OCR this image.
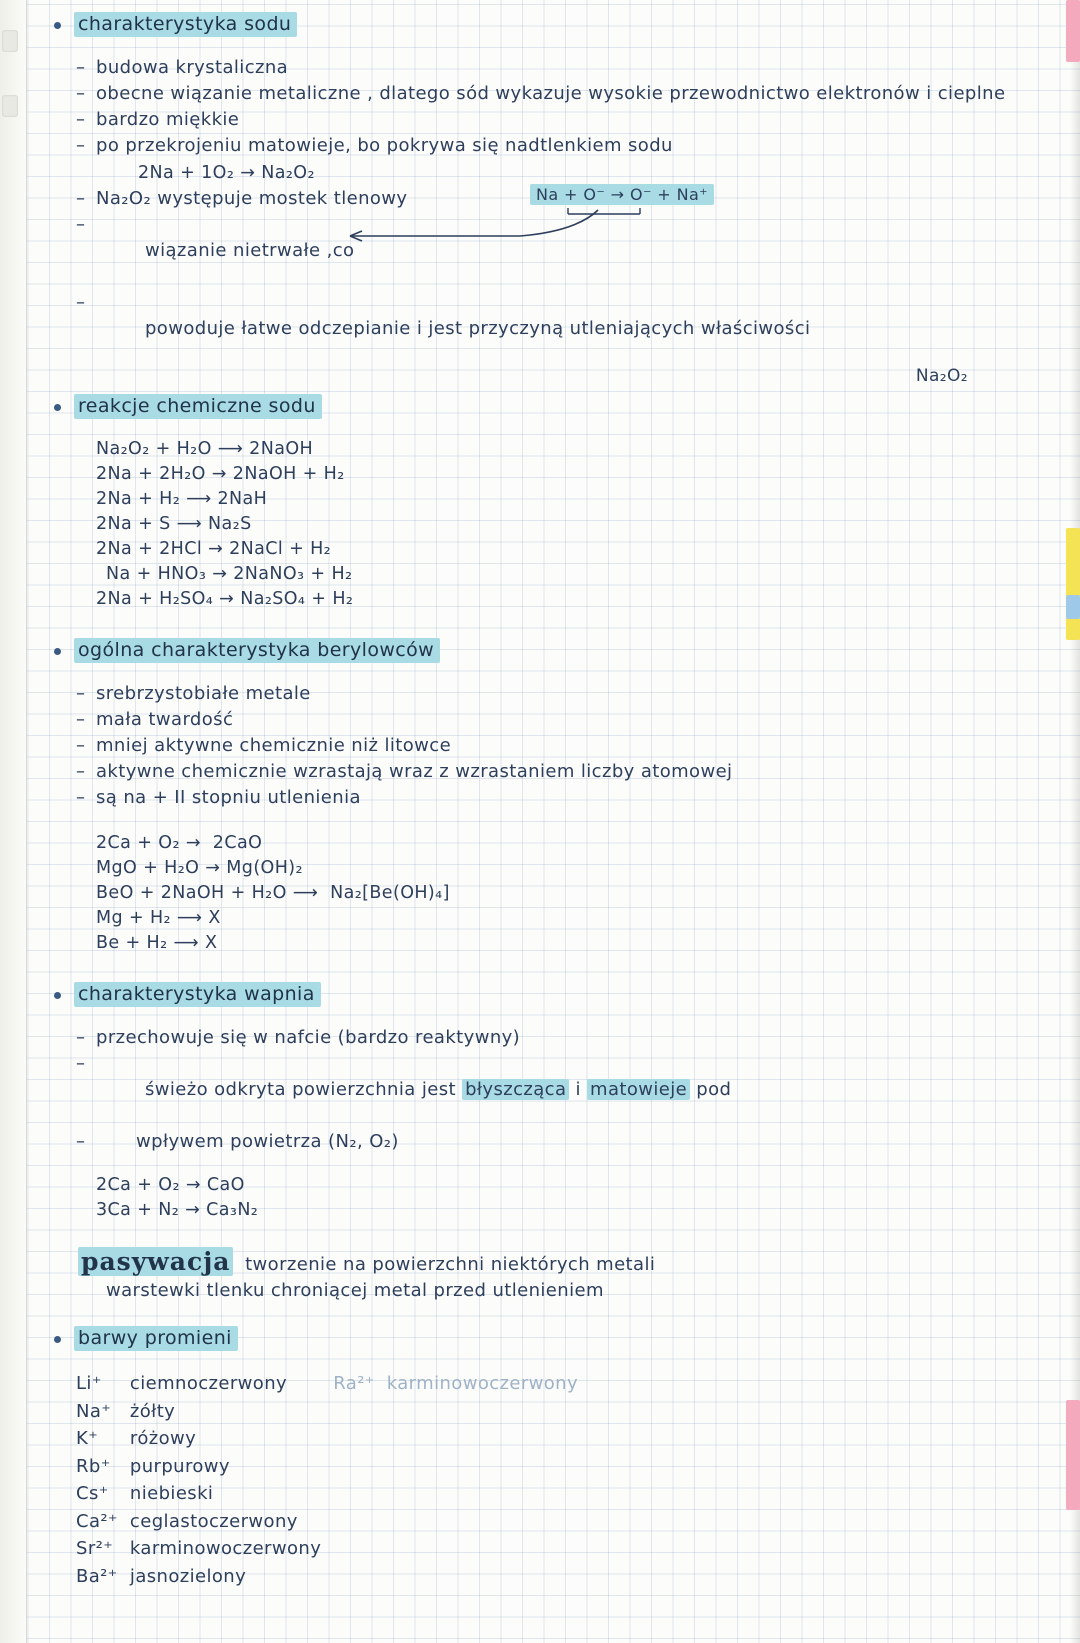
charakterystyka sodu
– budowa krystaliczna
– obecne wiązanie metaliczne , dlatego sód wykazuje wysokie przewodnictwo elektronów i cieplne
– bardzo miękkie
– po przekrojeniu matowieje, bo pokrywa się nadtlenkiem sodu
2Na + 1O₂ → Na₂O₂
– Na₂O₂ występuje mostek tlenowy

– wiązanie nietrwałe ,co

– powoduje łatwe odczepianie i jest przyczyną utleniających właściwości

Na + O⁻ → O⁻ + Na⁺
Na₂O₂
reakcje chemiczne sodu
Na₂O₂ + H₂O ⟶ 2NaOH
2Na + 2H₂O → 2NaOH + H₂
2Na + H₂ ⟶ 2NaH
2Na + S ⟶ Na₂S
2Na + 2HCl → 2NaCl + H₂
Na + HNO₃ → 2NaNO₃ + H₂
2Na + H₂SO₄ → Na₂SO₄ + H₂
ogólna charakterystyka berylowców
– srebrzystobiałe metale
– mała twardość
– mniej aktywne chemicznie niż litowce
– aktywne chemicznie wzrastają wraz z wzrastaniem liczby atomowej
– są na + II stopniu utlenienia
2Ca + O₂ →  2CaO
MgO + H₂O → Mg(OH)₂
BeO + 2NaOH + H₂O ⟶  Na₂[Be(OH)₄]
Mg + H₂ ⟶ X
Be + H₂ ⟶ X
charakterystyka wapnia
– przechowuje się w nafcie (bardzo reaktywny)

– świeżo odkryta powierzchnia jest błyszcząca i matowieje pod

– wpływem powietrza (N₂, O₂)
2Ca + O₂ → CaO
3Ca + N₂ → Ca₃N₂
pasywacja  tworzenie na powierzchni niektórych metali
warstewki tlenku chroniącej metal przed utlenieniem
barwy promieni
Li⁺	ciemnoczerwony	Ra²⁺	karminowoczerwony
Na⁺	żółty		
K⁺	różowy		
Rb⁺	purpurowy		
Cs⁺	niebieski		
Ca²⁺	ceglastoczerwony		
Sr²⁺	karminowoczerwony		
Ba²⁺	jasnozielony		
